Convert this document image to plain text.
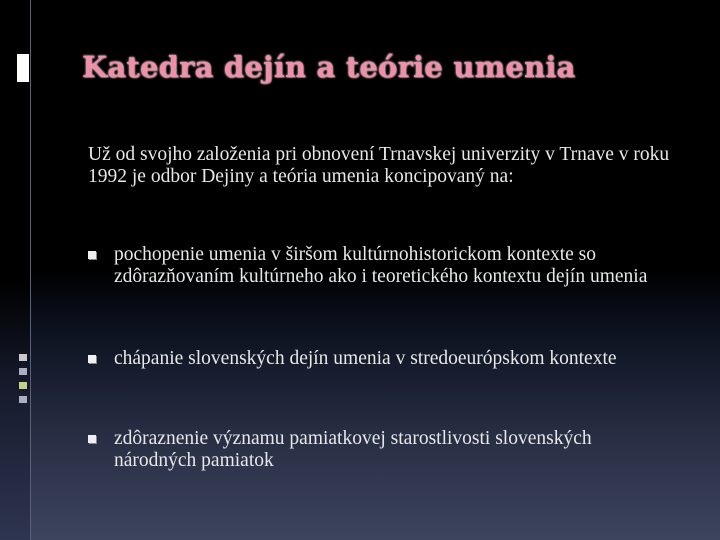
Katedra dejín a teórie umenia

Už od svojho založenia pri obnovení Trnavskej univerzity v Trnave v roku 1992 je odbor Dejiny a teória umenia koncipovaný na:

pochopenie umenia v širšom kultúrnohistorickom kontexte so zdôrazňovaním kultúrneho ako i teoretického kontextu dejín umenia
chápanie slovenských dejín umenia v stredoeurópskom kontexte
zdôraznenie významu pamiatkovej starostlivosti slovenských národných pamiatok
